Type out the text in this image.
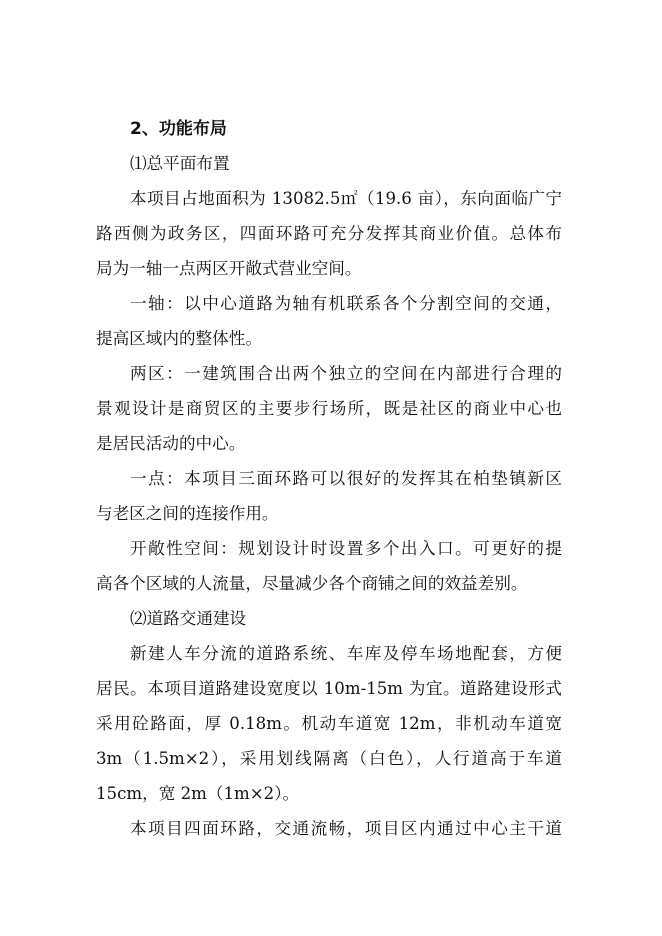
2、功能布局

⑴总平面布置

本项目占地面积为 13082.5㎡（19.6 亩），东向面临广宁
路西侧为政务区，四面环路可充分发挥其商业价值。总体布
局为一轴一点两区开敞式营业空间。

一轴：以中心道路为轴有机联系各个分割空间的交通，
提高区域内的整体性。

两区：一建筑围合出两个独立的空间在内部进行合理的
景观设计是商贸区的主要步行场所，既是社区的商业中心也
是居民活动的中心。

一点：本项目三面环路可以很好的发挥其在柏垫镇新区
与老区之间的连接作用。

开敞性空间：规划设计时设置多个出入口。可更好的提
高各个区域的人流量，尽量减少各个商铺之间的效益差别。

⑵道路交通建设

新建人车分流的道路系统、车库及停车场地配套，方便
居民。本项目道路建设宽度以 10m-15m 为宜。道路建设形式
采用砼路面，厚 0.18m。机动车道宽 12m，非机动车道宽
3m（1.5m×2），采用划线隔离（白色），人行道高于车道
15cm，宽 2m（1m×2）。

本项目四面环路，交通流畅，项目区内通过中心主干道
